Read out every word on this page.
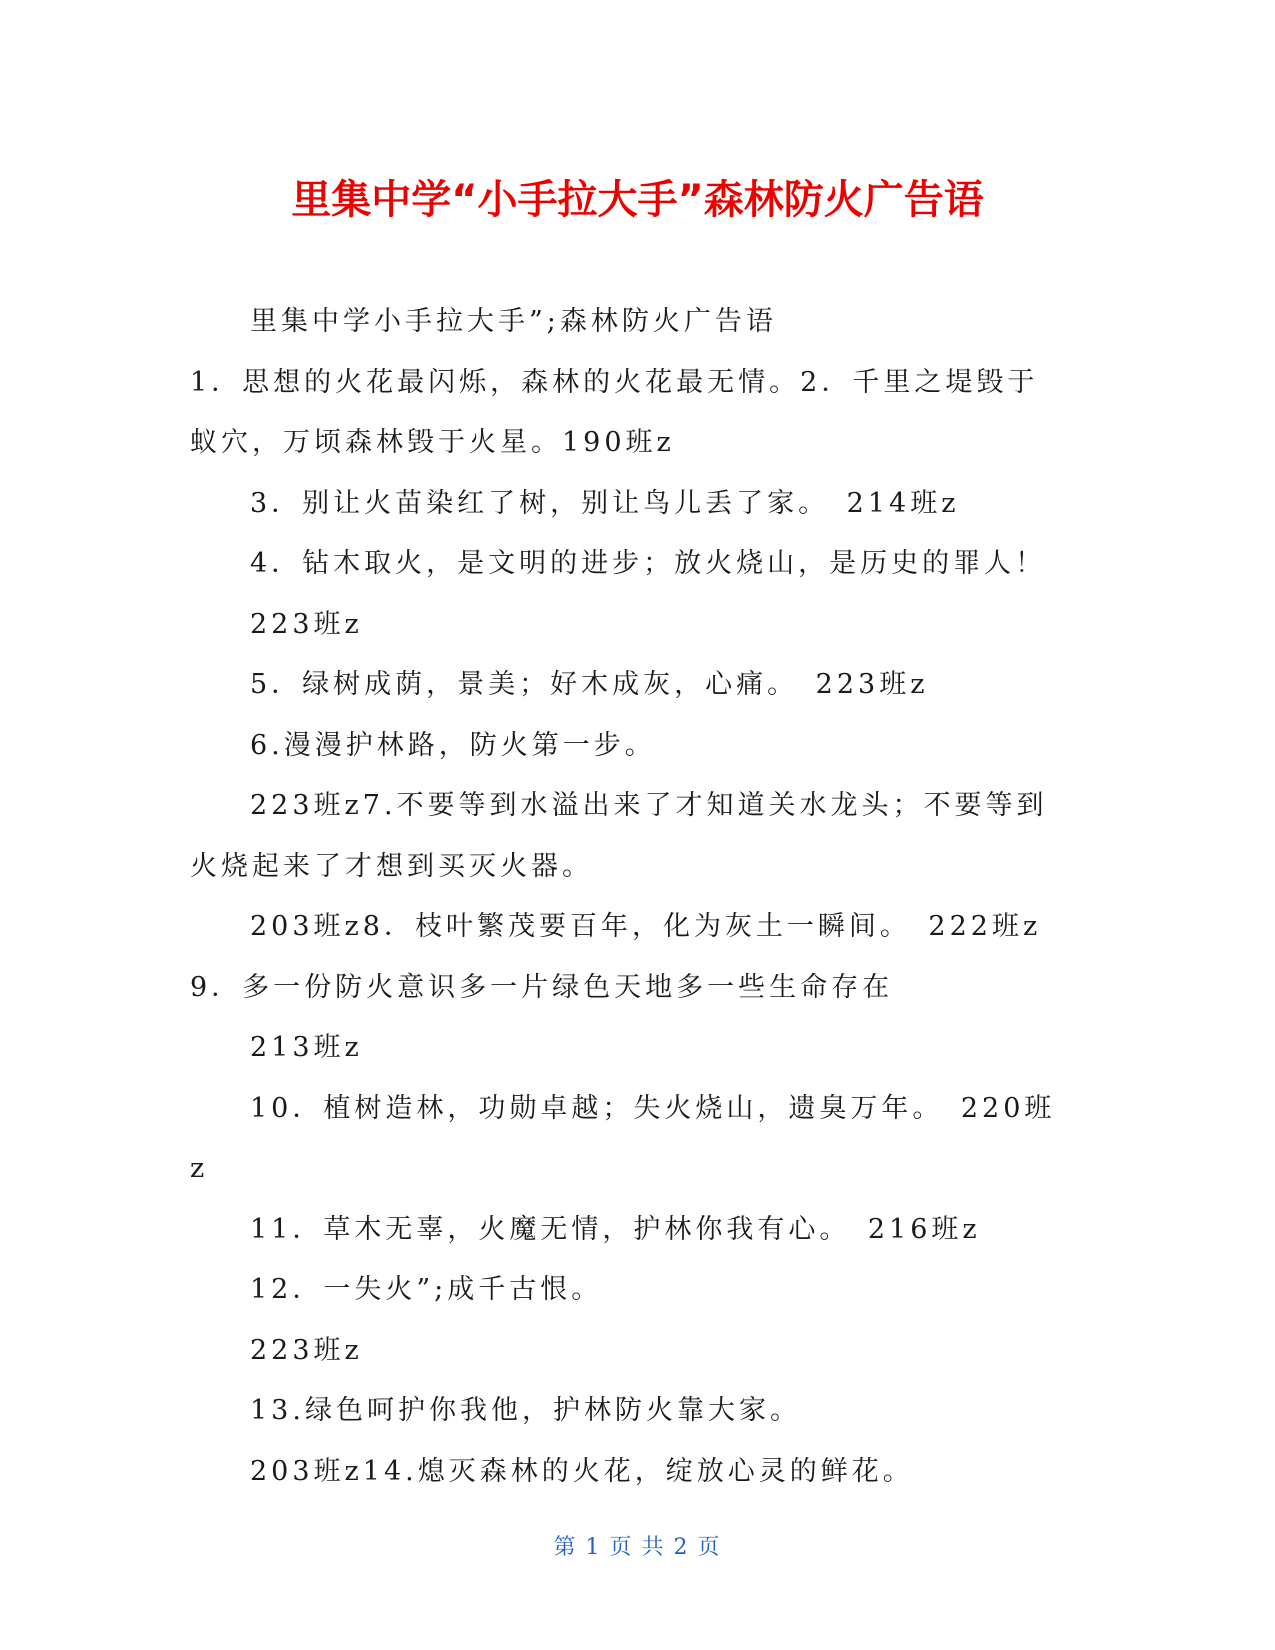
里集中学“小手拉大手”森林防火广告语

里集中学小手拉大手”;森林防火广告语

1．思想的火花最闪烁，森林的火花最无情。2．千里之堤毁于蚁穴，万顷森林毁于火星。190班z

3．别让火苗染红了树，别让鸟儿丢了家。　214班z

4．钻木取火，是文明的进步；放火烧山，是历史的罪人！

223班z

5．绿树成荫，景美；好木成灰，心痛。　223班z

6.漫漫护林路，防火第一步。

223班z7.不要等到水溢出来了才知道关水龙头；不要等到火烧起来了才想到买灭火器。

203班z8．枝叶繁茂要百年，化为灰土一瞬间。　222班z

9．多一份防火意识多一片绿色天地多一些生命存在

213班z

10．植树造林，功勋卓越；失火烧山，遗臭万年。　220班z

11．草木无辜，火魔无情，护林你我有心。　216班z

12．一失火”;成千古恨。

223班z

13.绿色呵护你我他，护林防火靠大家。

203班z14.熄灭森林的火花，绽放心灵的鲜花。

第 1 页 共 2 页
